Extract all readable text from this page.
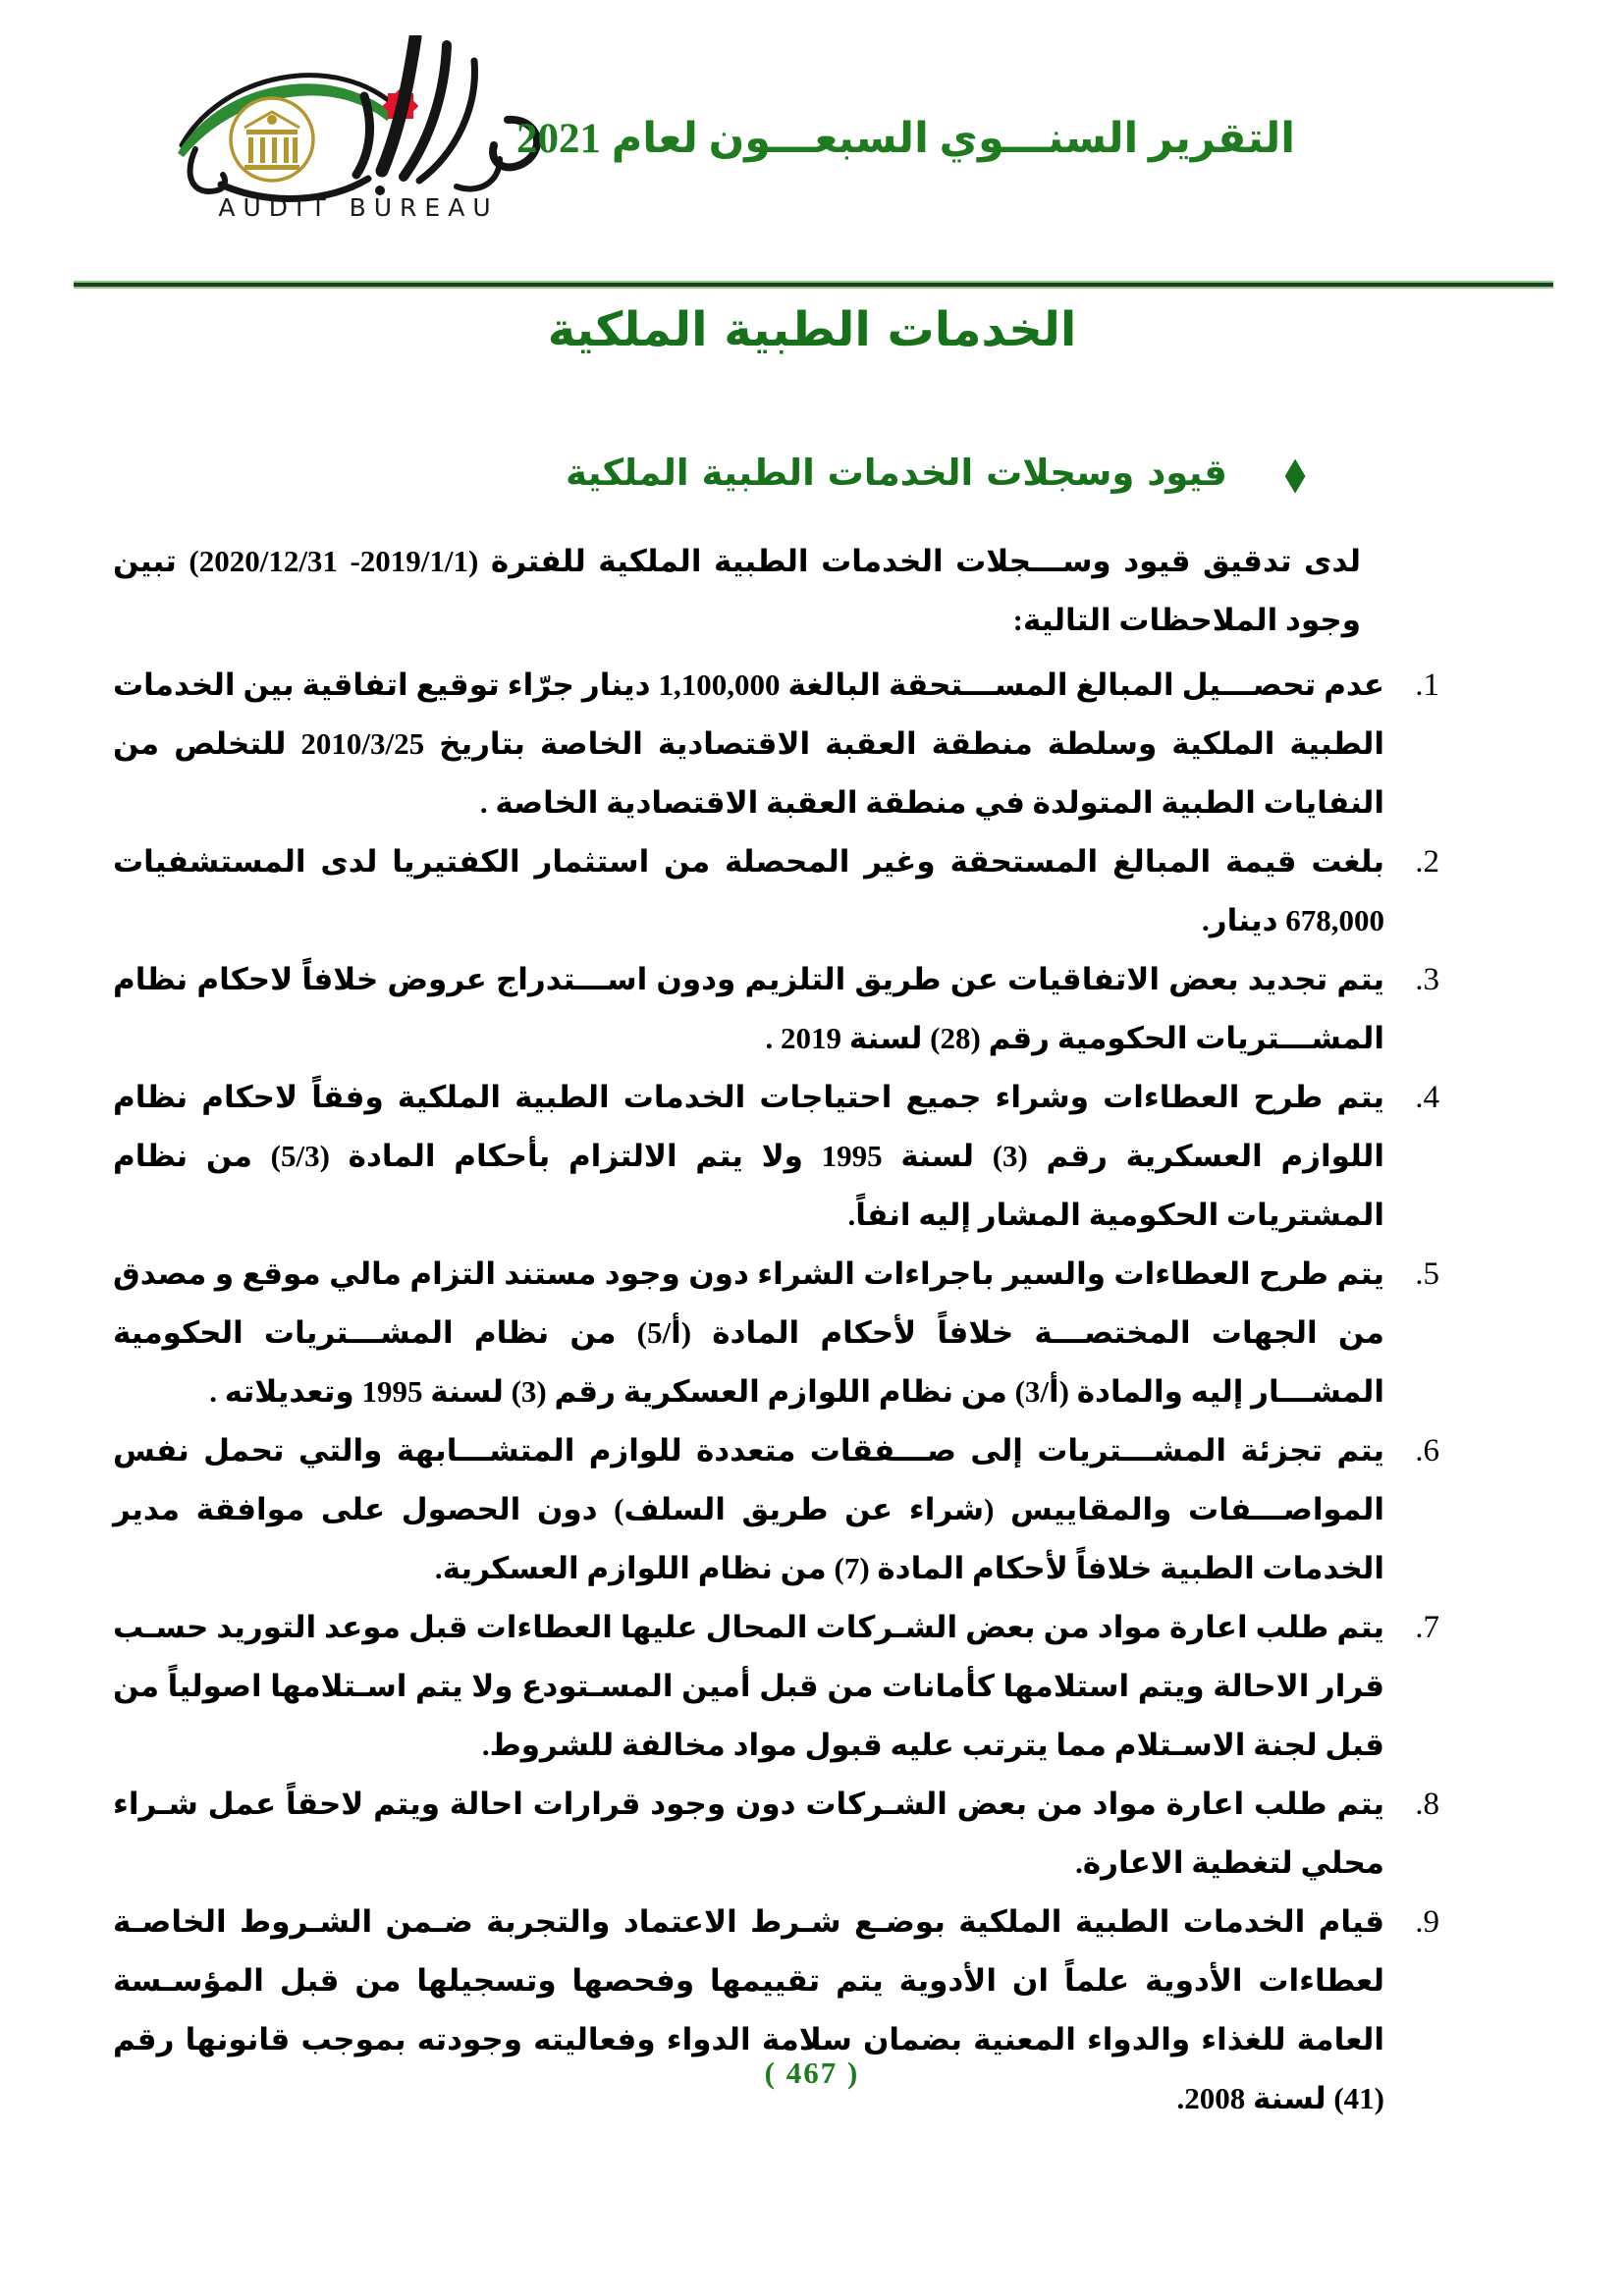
AUDIT BUREAU
التقرير السنـــوي السبعـــون لعام 2021
الخدمات الطبية الملكية
◆
قيود وسجلات الخدمات الطبية الملكية

لدى تدقيق قيود وســـجلات الخدمات الطبية الملكية للفترة (2019/1/1- 2020/12/31) تبين وجود الملاحظات التالية:

1.
عدم تحصـــيل المبالغ المســـتحقة البالغة 1,100,000 دينار جرّاء توقيع اتفاقية بين الخدمات الطبية الملكية وسلطة منطقة العقبة الاقتصادية الخاصة بتاريخ 2010/3/25 للتخلص من النفايات الطبية المتولدة في منطقة العقبة الاقتصادية الخاصة .
2.
بلغت قيمة المبالغ المستحقة وغير المحصلة من استثمار الكفتيريا لدى المستشفيات 678,000 دينار.
3.
يتم تجديد بعض الاتفاقيات عن طريق التلزيم ودون اســـتدراج عروض خلافاً لاحكام نظام المشـــتريات الحكومية رقم (28) لسنة 2019 .
4.
يتم طرح العطاءات وشراء جميع احتياجات الخدمات الطبية الملكية وفقاً لاحكام نظام اللوازم العسكرية رقم (3) لسنة 1995 ولا يتم الالتزام بأحكام المادة (5/3) من نظام المشتريات الحكومية المشار إليه انفاً.
5.
يتم طرح العطاءات والسير باجراءات الشراء دون وجود مستند التزام مالي موقع و مصدق من الجهات المختصـــة خلافاً لأحكام المادة (أ/5) من نظام المشـــتريات الحكومية المشـــار إليه والمادة (أ/3) من نظام اللوازم العسكرية رقم (3) لسنة 1995 وتعديلاته .
6.
يتم تجزئة المشـــتريات إلى صـــفقات متعددة للوازم المتشـــابهة والتي تحمل نفس المواصـــفات والمقاييس (شراء عن طريق السلف) دون الحصول على موافقة مدير الخدمات الطبية خلافاً لأحكام المادة (7) من نظام اللوازم العسكرية.
7.
يتم طلب اعارة مواد من بعض الشـركات المحال عليها العطاءات قبل موعد التوريد حسـب قرار الاحالة ويتم استلامها كأمانات من قبل أمين المسـتودع ولا يتم اسـتلامها اصولياً من قبل لجنة الاسـتلام مما يترتب عليه قبول مواد مخالفة للشروط.
8.
يتم طلب اعارة مواد من بعض الشـركات دون وجود قرارات احالة ويتم لاحقاً عمل شـراء محلي لتغطية الاعارة.
9.
قيام الخدمات الطبية الملكية بوضـع شـرط الاعتماد والتجربة ضـمن الشـروط الخاصـة لعطاءات الأدوية علماً ان الأدوية يتم تقييمها وفحصها وتسجيلها من قبل المؤسـسة العامة للغذاء والدواء المعنية بضمان سلامة الدواء وفعاليته وجودته بموجب قانونها رقم (41) لسنة 2008.
( 467 )
